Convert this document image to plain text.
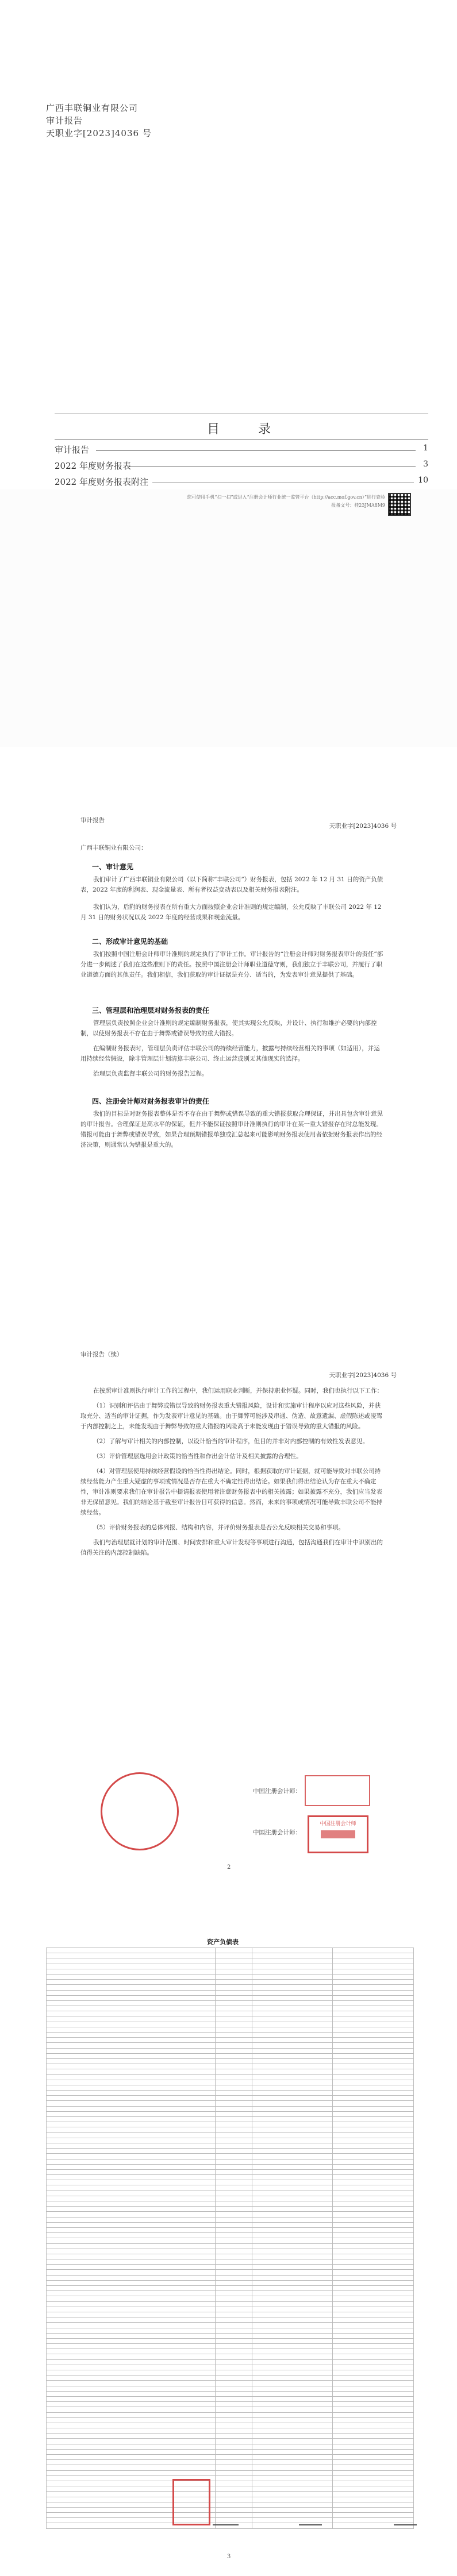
广西丰联铜业有限公司
审计报告
天职业字[2023]4036 号
目 录
审计报告	1
2022 年度财务报表	3
2022 年度财务报表附注	10
您可使用手机“扫一扫”或进入“注册会计师行业统一监管平台（http://acc.mof.gov.cn）”进行查验
报备文号：桂23JMA8M9
审计报告
天职业字[2023]4036 号
广西丰联铜业有限公司：
一、审计意见

我们审计了广西丰联铜业有限公司（以下简称“丰联公司”）财务报表，包括 2022 年 12 月 31 日的资产负债表，2022 年度的利润表、现金流量表、所有者权益变动表以及相关财务报表附注。

我们认为，后附的财务报表在所有重大方面按照企业会计准则的规定编制，公允反映了丰联公司 2022 年 12 月 31 日的财务状况以及 2022 年度的经营成果和现金流量。

二、形成审计意见的基础

我们按照中国注册会计师审计准则的规定执行了审计工作。审计报告的“注册会计师对财务报表审计的责任”部分进一步阐述了我们在这些准则下的责任。按照中国注册会计师职业道德守则，我们独立于丰联公司，并履行了职业道德方面的其他责任。我们相信，我们获取的审计证据是充分、适当的，为发表审计意见提供了基础。

三、管理层和治理层对财务报表的责任

管理层负责按照企业会计准则的规定编制财务报表，使其实现公允反映，并设计、执行和维护必要的内部控制，以使财务报表不存在由于舞弊或错误导致的重大错报。

在编制财务报表时，管理层负责评估丰联公司的持续经营能力，披露与持续经营相关的事项（如适用），并运用持续经营假设，除非管理层计划清算丰联公司、终止运营或别无其他现实的选择。

治理层负责监督丰联公司的财务报告过程。

四、注册会计师对财务报表审计的责任

我们的目标是对财务报表整体是否不存在由于舞弊或错误导致的重大错报获取合理保证，并出具包含审计意见的审计报告。合理保证是高水平的保证，但并不能保证按照审计准则执行的审计在某一重大错报存在时总能发现。错报可能由于舞弊或错误导致，如果合理预期错报单独或汇总起来可能影响财务报表使用者依据财务报表作出的经济决策，则通常认为错报是重大的。

审计报告（续）
天职业字[2023]4036 号

在按照审计准则执行审计工作的过程中，我们运用职业判断，并保持职业怀疑。同时，我们也执行以下工作：

（1）识别和评估由于舞弊或错误导致的财务报表重大错报风险，设计和实施审计程序以应对这些风险，并获取充分、适当的审计证据，作为发表审计意见的基础。由于舞弊可能涉及串通、伪造、故意遗漏、虚假陈述或凌驾于内部控制之上，未能发现由于舞弊导致的重大错报的风险高于未能发现由于错误导致的重大错报的风险。

（2）了解与审计相关的内部控制，以设计恰当的审计程序，但目的并非对内部控制的有效性发表意见。

（3）评价管理层选用会计政策的恰当性和作出会计估计及相关披露的合理性。

（4）对管理层使用持续经营假设的恰当性得出结论。同时，根据获取的审计证据，就可能导致对丰联公司持续经营能力产生重大疑虑的事项或情况是否存在重大不确定性得出结论。如果我们得出结论认为存在重大不确定性，审计准则要求我们在审计报告中提请报表使用者注意财务报表中的相关披露；如果披露不充分，我们应当发表非无保留意见。我们的结论基于截至审计报告日可获得的信息。然而，未来的事项或情况可能导致丰联公司不能持续经营。

（5）评价财务报表的总体列报、结构和内容，并评价财务报表是否公允反映相关交易和事项。

我们与治理层就计划的审计范围、时间安排和重大审计发现等事项进行沟通，包括沟通我们在审计中识别出的值得关注的内部控制缺陷。

中国注册会计师：
中国注册会计师：
中国注册会计师
2
资产负债表

3
